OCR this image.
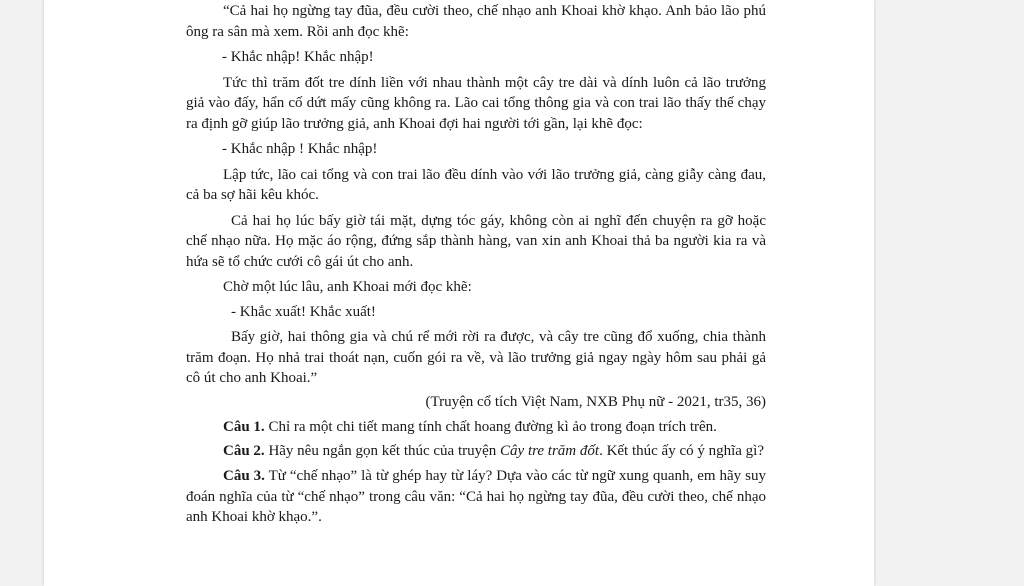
“Cả hai họ ngừng tay đũa, đều cười theo, chế nhạo anh Khoai khờ khạo. Anh bảo lão phú ông ra sân mà xem. Rồi anh đọc khẽ:

- Khắc nhập! Khắc nhập!

Tức thì trăm đốt tre dính liền với nhau thành một cây tre dài và dính luôn cả lão trưởng giả vào đấy, hẩn cố dứt mấy cũng không ra. Lão cai tổng thông gia và con trai lão thấy thế chạy ra định gỡ giúp lão trưởng giả, anh Khoai đợi hai người tới gần, lại khẽ đọc:

- Khắc nhập ! Khắc nhập!

Lập tức, lão cai tổng và con trai lão đều dính vào với lão trưởng giả, càng giẫy càng đau, cả ba sợ hãi kêu khóc.

Cả hai họ lúc bấy giờ tái mặt, dựng tóc gáy, không còn ai nghĩ đến chuyện ra gỡ hoặc chế nhạo nữa. Họ mặc áo rộng, đứng sắp thành hàng, van xin anh Khoai thả ba người kia ra và hứa sẽ tổ chức cưới cô gái út cho anh.

Chờ một lúc lâu, anh Khoai mới đọc khẽ:

- Khắc xuất! Khắc xuất!

Bấy giờ, hai thông gia và chú rể mới rời ra được, và cây tre cũng đổ xuống, chia thành trăm đoạn. Họ nhả trai thoát nạn, cuốn gói ra về, và lão trưởng giả ngay ngày hôm sau phải gả cô út cho anh Khoai.”

(Truyện cổ tích Việt Nam, NXB Phụ nữ - 2021, tr35, 36)

Câu 1. Chỉ ra một chi tiết mang tính chất hoang đường kì ảo trong đoạn trích trên.

Câu 2. Hãy nêu ngắn gọn kết thúc của truyện Cây tre trăm đốt. Kết thúc ấy có ý nghĩa gì?

Câu 3. Từ “chế nhạo” là từ ghép hay từ láy? Dựa vào các từ ngữ xung quanh, em hãy suy đoán nghĩa của từ “chế nhạo” trong câu văn: “Cả hai họ ngừng tay đũa, đều cười theo, chế nhạo anh Khoai khờ khạo.”.
